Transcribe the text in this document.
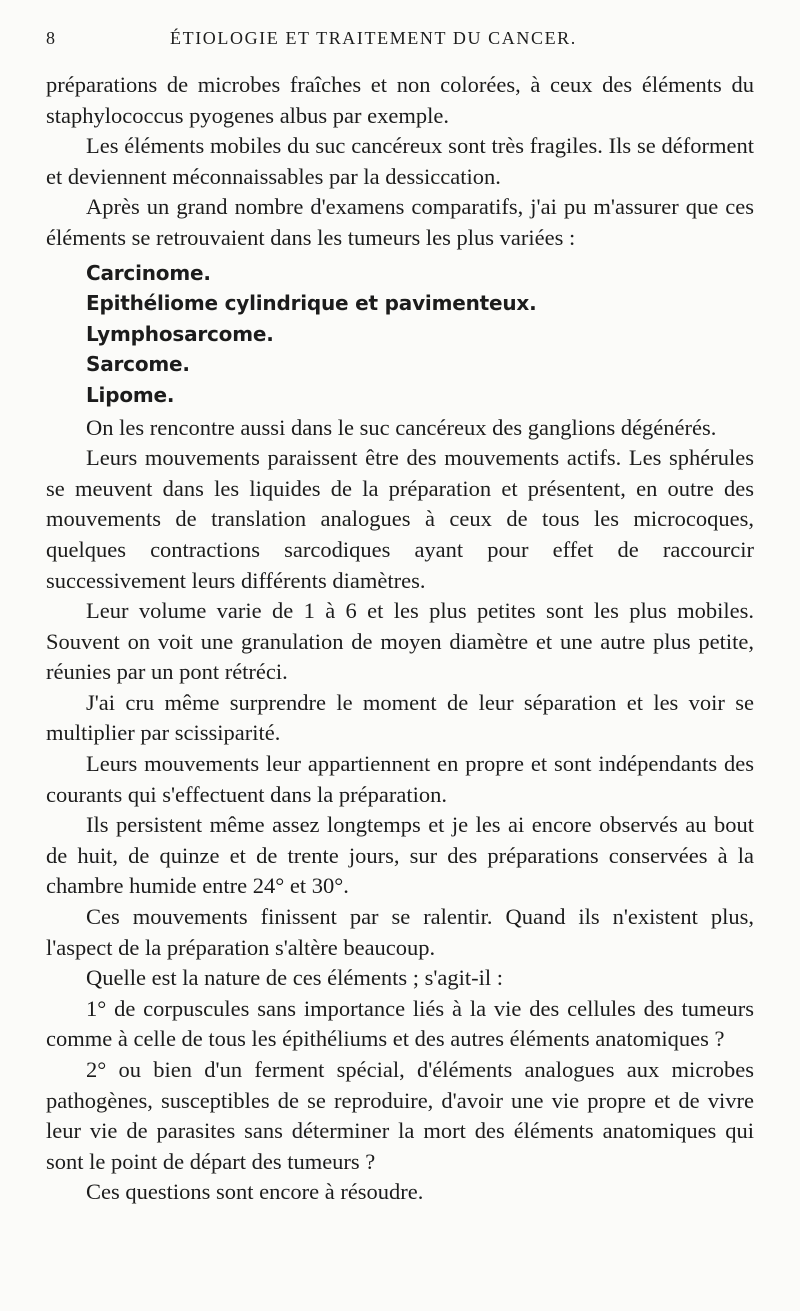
8	ÉTIOLOGIE ET TRAITEMENT DU CANCER.

préparations de microbes fraîches et non colorées, à ceux des éléments du staphylococcus pyogenes albus par exemple.

Les éléments mobiles du suc cancéreux sont très fragiles. Ils se déforment et deviennent méconnaissables par la dessiccation.

Après un grand nombre d'examens comparatifs, j'ai pu m'assurer que ces éléments se retrouvaient dans les tumeurs les plus variées :

Carcinome.
Epithéliome cylindrique et pavimenteux.
Lymphosarcome.
Sarcome.
Lipome.

On les rencontre aussi dans le suc cancéreux des ganglions dégénérés.

Leurs mouvements paraissent être des mouvements actifs. Les sphérules se meuvent dans les liquides de la préparation et présentent, en outre des mouvements de translation analogues à ceux de tous les microcoques, quelques contractions sarcodiques ayant pour effet de raccourcir successivement leurs différents diamètres.

Leur volume varie de 1 à 6 et les plus petites sont les plus mobiles. Souvent on voit une granulation de moyen diamètre et une autre plus petite, réunies par un pont rétréci.

J'ai cru même surprendre le moment de leur séparation et les voir se multiplier par scissiparité.

Leurs mouvements leur appartiennent en propre et sont indépendants des courants qui s'effectuent dans la préparation.

Ils persistent même assez longtemps et je les ai encore observés au bout de huit, de quinze et de trente jours, sur des préparations conservées à la chambre humide entre 24° et 30°.

Ces mouvements finissent par se ralentir. Quand ils n'existent plus, l'aspect de la préparation s'altère beaucoup.

Quelle est la nature de ces éléments ; s'agit-il :

1° de corpuscules sans importance liés à la vie des cellules des tumeurs comme à celle de tous les épithéliums et des autres éléments anatomiques ?

2° ou bien d'un ferment spécial, d'éléments analogues aux microbes pathogènes, susceptibles de se reproduire, d'avoir une vie propre et de vivre leur vie de parasites sans déterminer la mort des éléments anatomiques qui sont le point de départ des tumeurs ?

Ces questions sont encore à résoudre.
